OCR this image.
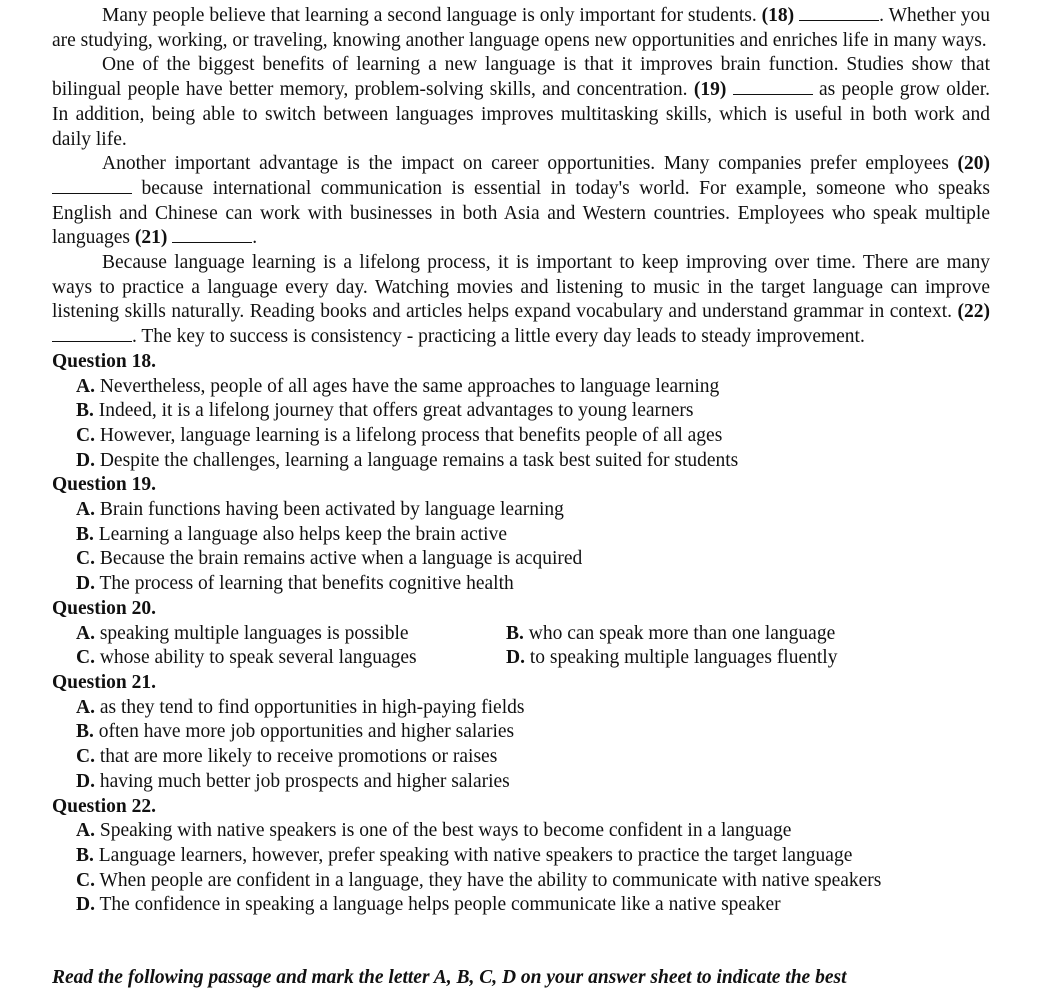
Many people believe that learning a second language is only important for students. (18)	. Whether you are studying, working, or traveling, knowing another language opens new opportunities and enriches life in many ways.

One of the biggest benefits of learning a new language is that it improves brain function. Studies show that bilingual people have better memory, problem-solving skills, and concentration. (19)	as people grow older. In addition, being able to switch between languages improves multitasking skills, which is useful in both work and daily life.

Another important advantage is the impact on career opportunities. Many companies prefer employees (20)  because international communication is essential in today's world. For example, someone who speaks English and Chinese can work with businesses in both Asia and Western countries. Employees who speak multiple languages (21)	.

Because language learning is a lifelong process, it is important to keep improving over time. There are many ways to practice a language every day. Watching movies and listening to music in the target language can improve listening skills naturally. Reading books and articles helps expand vocabulary and understand grammar in context. (22) . The key to success is consistency - practicing a little every day leads to steady improvement.

Question 18.

A. Nevertheless, people of all ages have the same approaches to language learning

B. Indeed, it is a lifelong journey that offers great advantages to young learners

C. However, language learning is a lifelong process that benefits people of all ages

D. Despite the challenges, learning a language remains a task best suited for students

Question 19.

A. Brain functions having been activated by language learning

B. Learning a language also helps keep the brain active

C. Because the brain remains active when a language is acquired

D. The process of learning that benefits cognitive health

Question 20.

A. speaking multiple languages is possible	B. who can speak more than one language
C. whose ability to speak several languages	D. to speaking multiple languages fluently

Question 21.

A. as they tend to find opportunities in high-paying fields

B. often have more job opportunities and higher salaries

C. that are more likely to receive promotions or raises

D. having much better job prospects and higher salaries

Question 22.

A. Speaking with native speakers is one of the best ways to become confident in a language

B. Language learners, however, prefer speaking with native speakers to practice the target language

C. When people are confident in a language, they have the ability to communicate with native speakers

D. The confidence in speaking a language helps people communicate like a native speaker

Read the following passage and mark the letter A, B, C, D on your answer sheet to indicate the best
